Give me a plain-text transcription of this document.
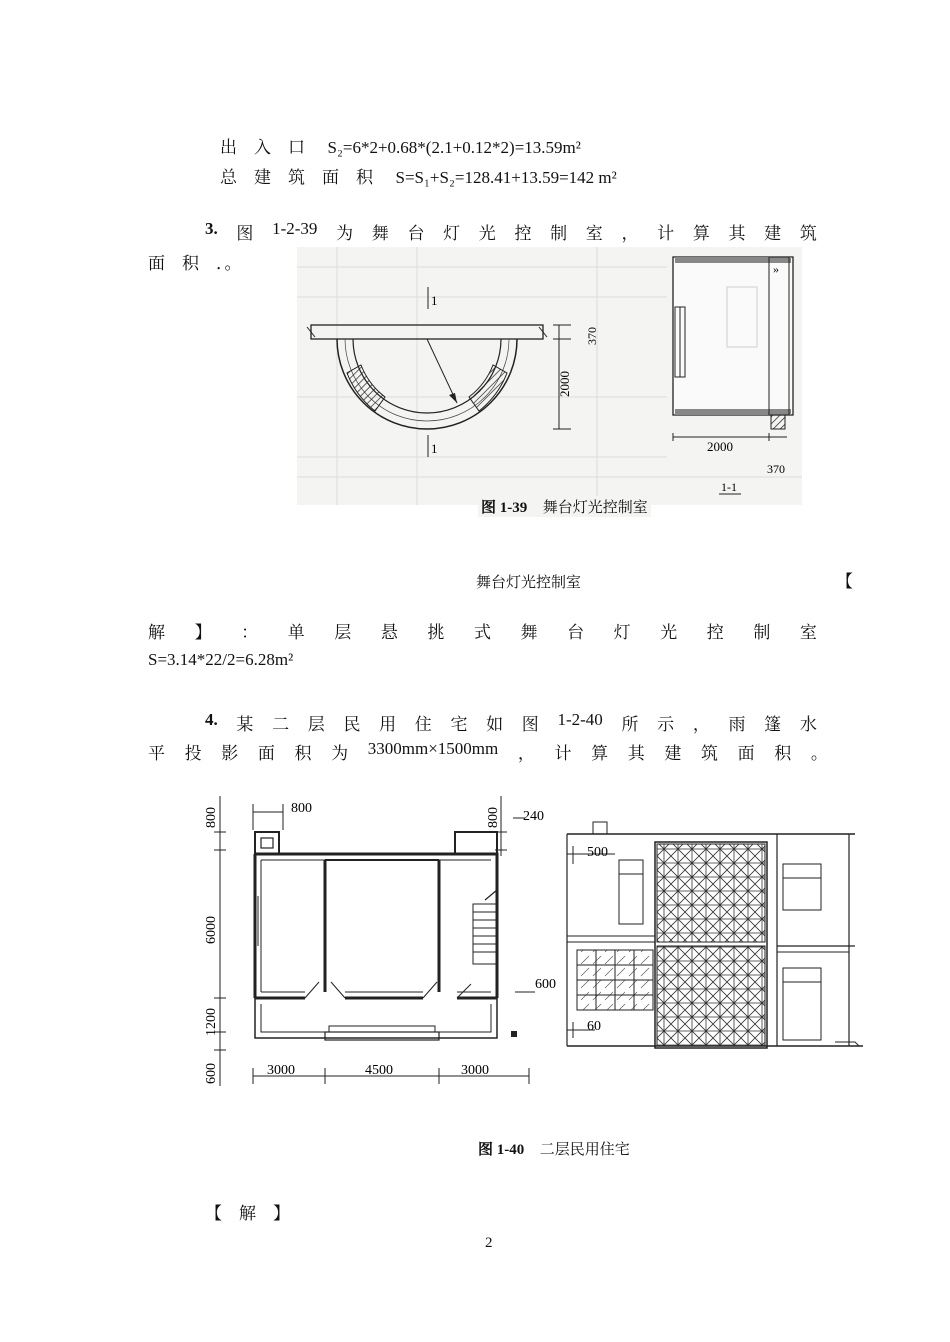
出　入　口 S₂=6*2+0.68*(2.1+0.12*2)=13.59m²
总　建　筑　面　积 S=S₁+S₂=128.41+13.59=142 m²
3. 图 1-2-39 为 舞 台 灯 光 控 制 室 ， 计 算 其 建 筑
面　积　．。
1
1
370
2000
»
2000
370
1-1
图 1-39 舞台灯光控制室
舞台灯光控制室	【
解 】 ： 单 层 悬 挑 式 舞 台 灯 光 控 制 室
S=3.14*22/2=6.28m²
4. 某 二 层 民 用 住 宅 如 图 1-2-40 所 示 ， 雨 篷 水
平 投 影 面 积 为 3300mm×1500mm ， 计 算 其 建 筑 面 积 。
800	800	800 240
6000
1200
600
600
3000	4500	3000
500
60
图 1-40 二层民用住宅
【　解　】
2
